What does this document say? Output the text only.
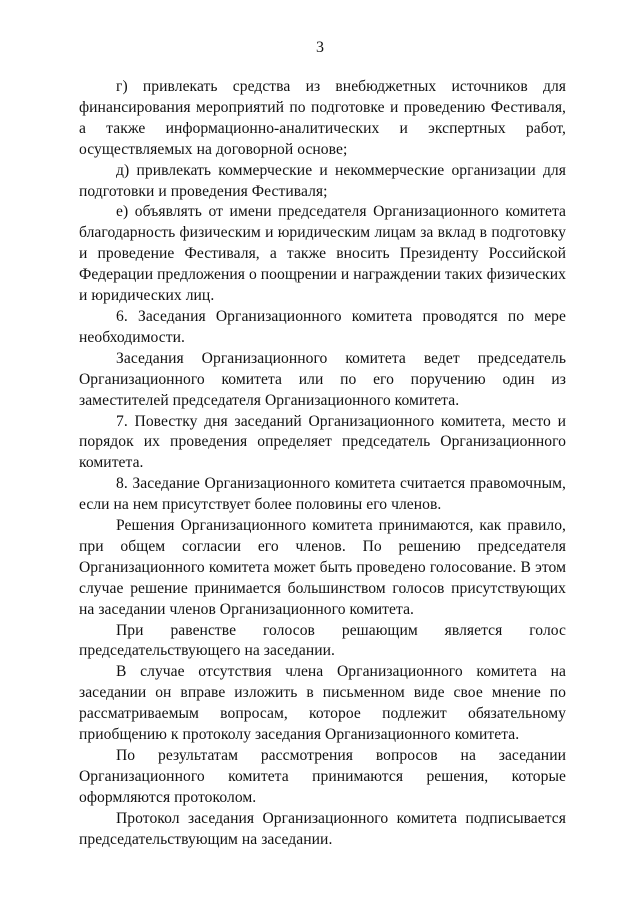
3

г) привлекать средства из внебюджетных источников для финансирования мероприятий по подготовке и проведению Фестиваля, а также информационно-аналитических и экспертных работ, осуществляемых на договорной основе;

д) привлекать коммерческие и некоммерческие организации для подготовки и проведения Фестиваля;

е) объявлять от имени председателя Организационного комитета благодарность физическим и юридическим лицам за вклад в подготовку и проведение Фестиваля, а также вносить Президенту Российской Федерации предложения о поощрении и награждении таких физических и юридических лиц.

6. Заседания Организационного комитета проводятся по мере необходимости.

Заседания Организационного комитета ведет председатель Организационного комитета или по его поручению один из заместителей председателя Организационного комитета.

7. Повестку дня заседаний Организационного комитета, место и порядок их проведения определяет председатель Организационного комитета.

8. Заседание Организационного комитета считается правомочным, если на нем присутствует более половины его членов.

Решения Организационного комитета принимаются, как правило, при общем согласии его членов. По решению председателя Организационного комитета может быть проведено голосование. В этом случае решение принимается большинством голосов присутствующих на заседании членов Организационного комитета.

При равенстве голосов решающим является голос председательствующего на заседании.

В случае отсутствия члена Организационного комитета на заседании он вправе изложить в письменном виде свое мнение по рассматриваемым вопросам, которое подлежит обязательному приобщению к протоколу заседания Организационного комитета.

По результатам рассмотрения вопросов на заседании Организационного комитета принимаются решения, которые оформляются протоколом.

Протокол заседания Организационного комитета подписывается председательствующим на заседании.
